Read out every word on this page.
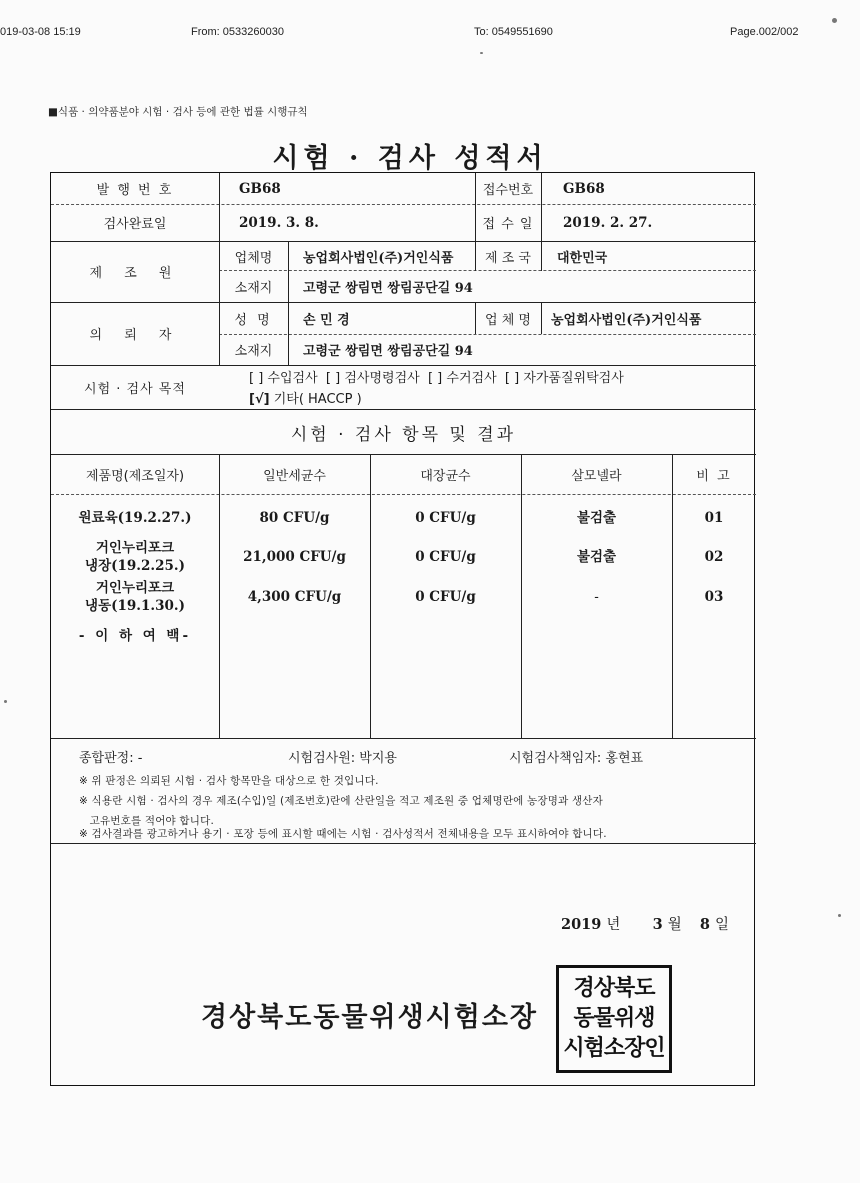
019-03-08 15:19	From: 0533260030	To: 0549551690	Page.002/002
■식품 · 의약품분야 시험 · 검사 등에 관한 법률 시행규칙
시험 · 검사 성적서
발 행 번 호	GB68	접수번호	GB68
검사완료일	2019. 3. 8.	접 수 일	2019. 2. 27.
제 조 원
업체명	농업회사법인(주)거인식품	제 조 국	대한민국
소재지	고령군 쌍림면 쌍림공단길 94
의 뢰 자
성 명	손 민 경	업 체 명	농업회사법인(주)거인식품
소재지	고령군 쌍림면 쌍림공단길 94
시험 · 검사 목적
[ ] 수입검사 [ ] 검사명령검사 [ ] 수거검사 [ ] 자가품질위탁검사
[√] 기타( HACCP )
시험 · 검사 항목 및 결과
제품명(제조일자)	일반세균수	대장균수	살모넬라	비 고
원료육(19.2.27.)	80 CFU/g	0 CFU/g	불검출	01
거인누리포크
냉장(19.2.25.)
21,000 CFU/g	0 CFU/g	불검출	02
거인누리포크
냉동(19.1.30.)
4,300 CFU/g	0 CFU/g	-	03
- 이 하 여 백-
종합판정: -	시험검사원: 박지용	시험검사책임자: 홍현표
※ 위 판정은 의뢰된 시험 · 검사 항목만을 대상으로 한 것입니다.
※ 식용란 시험 · 검사의 경우 제조(수입)일 (제조번호)란에 산란일을 적고 제조원 중 업체명란에 농장명과 생산자
고유번호를 적어야 합니다.
※ 검사결과를 광고하거나 용기 · 포장 등에 표시할 때에는 시험 · 검사성적서 전체내용을 모두 표시하여야 합니다.
2019 년 3 월 8 일
경상북도동물위생시험소장
경상북도
동물위생
시험소장인
